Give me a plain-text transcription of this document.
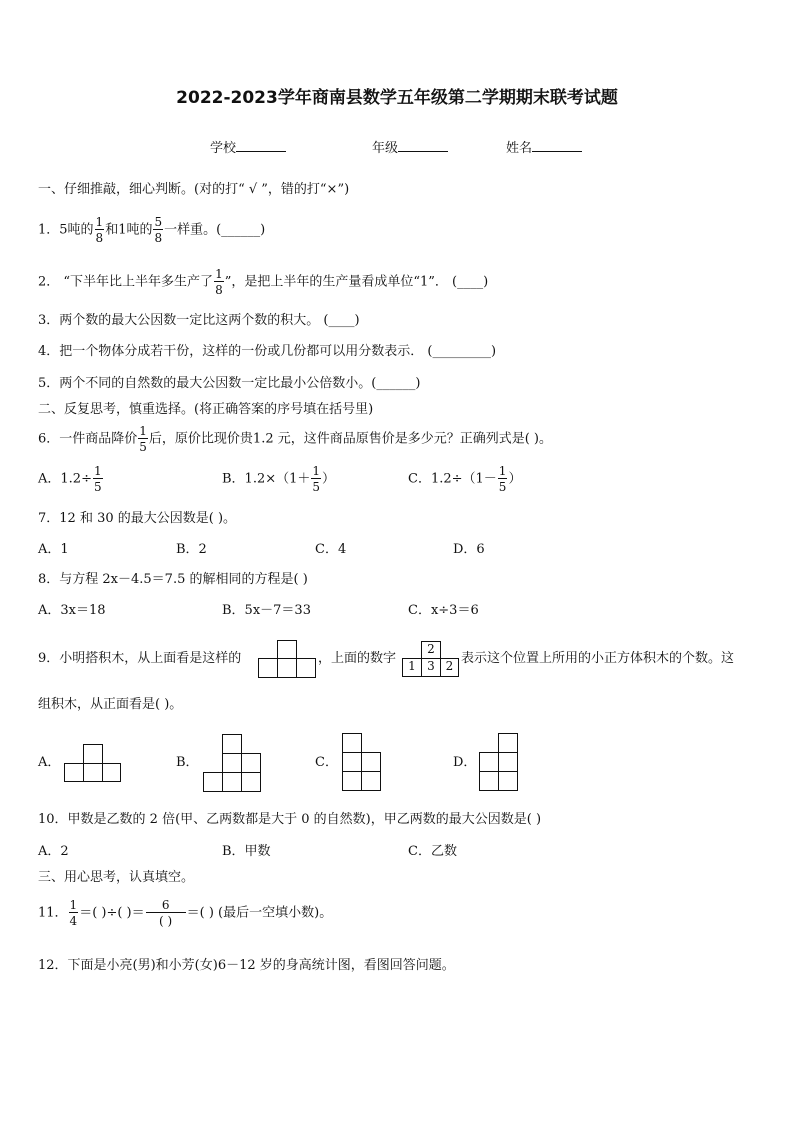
2022-2023学年商南县数学五年级第二学期期末联考试题
学校	年级	姓名
一、仔细推敲，细心判断。(对的打“ √ ”，错的打“×”)
1．5吨的 $\frac{1}{8}$ 和1吨的 $\frac{5}{8}$ 一样重。(______)
2． “下半年比上半年多生产了 $\frac{1}{8}$ ”，是把上半年的生产量看成单位“1”． (____)
3．两个数的最大公因数一定比这两个数的积大。 (____)
4．把一个物体分成若干份，这样的一份或几份都可以用分数表示． (_________)
5．两个不同的自然数的最大公因数一定比最小公倍数小。(______)
二、反复思考，慎重选择。(将正确答案的序号填在括号里)
6．一件商品降价 $\frac{1}{5}$ 后，原价比现价贵1.2 元，这件商品原售价是多少元？正确列式是( )。
A．$1.2\div \frac{1}{5}$	B．$1.2\times(1+ \frac{1}{5}$ ）	C．$1.2\div(1- \frac{1}{5}$ ）
7．12 和 30 的最大公因数是( )。
A．1	B．2	C．4	D．6
8．与方程 2x－4.5＝7.5 的解相同的方程是( )
A．3x＝18	B．5x－7＝33	C．x÷3＝6
9．小明搭积木，从上面看是这样的	，上面的数字
2
1 3 2 表示这个位置上所用的小正方体积木的个数。这
组积木，从正面看是( )。
A．	B．	C．	D．
10．甲数是乙数的 2 倍(甲、乙两数都是大于 0 的自然数)，甲乙两数的最大公因数是( )
A．2	B．甲数	C．乙数
三、用心思考，认真填空。
11． $\frac{1}{4}$ ＝( )÷( )＝ $\frac{6}{( )}$ ＝( ) (最后一空填小数)。
12．下面是小亮(男)和小芳(女)6－12 岁的身高统计图，看图回答问题。
